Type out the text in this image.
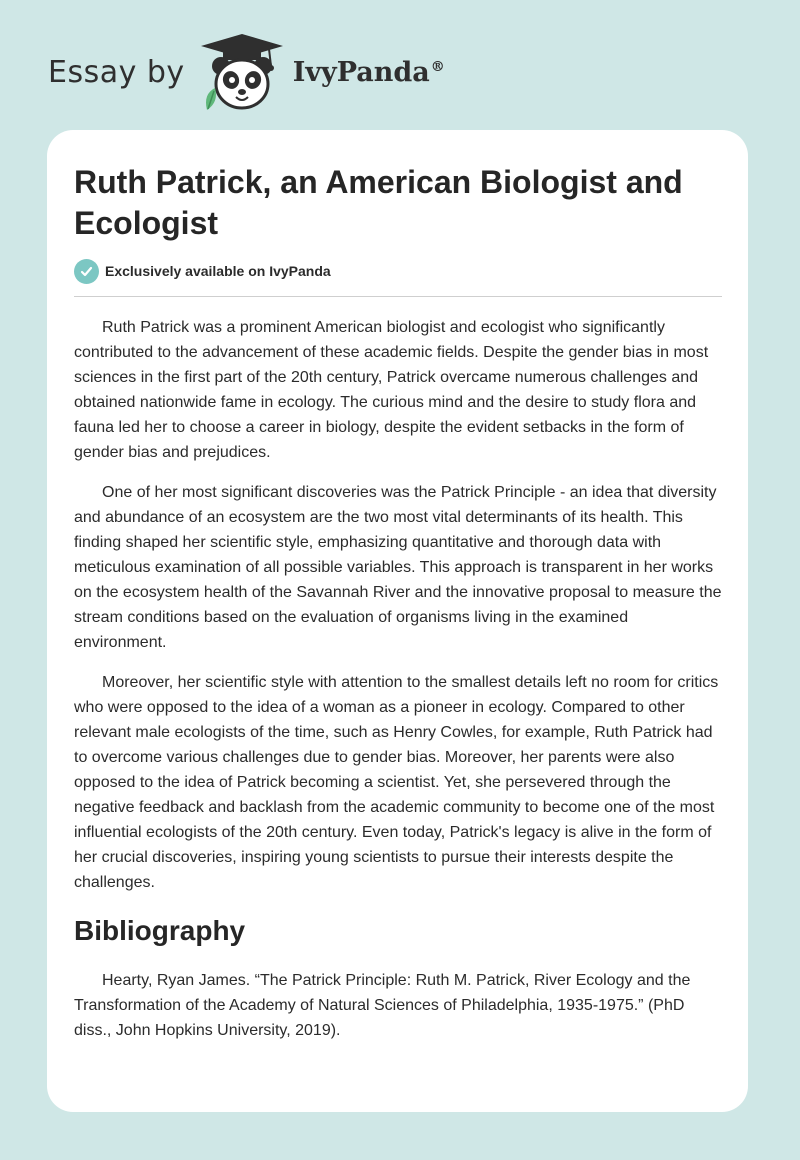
Essay by	IvyPanda®
Ruth Patrick, an American Biologist and Ecologist
Exclusively available on IvyPanda

Ruth Patrick was a prominent American biologist and ecologist who significantly contributed to the advancement of these academic fields. Despite the gender bias in most sciences in the first part of the 20th century, Patrick overcame numerous challenges and obtained nationwide fame in ecology. The curious mind and the desire to study flora and fauna led her to choose a career in biology, despite the evident setbacks in the form of gender bias and prejudices.

One of her most significant discoveries was the Patrick Principle - an idea that diversity and abundance of an ecosystem are the two most vital determinants of its health. This finding shaped her scientific style, emphasizing quantitative and thorough data with meticulous examination of all possible variables. This approach is transparent in her works on the ecosystem health of the Savannah River and the innovative proposal to measure the stream conditions based on the evaluation of organisms living in the examined environment.

Moreover, her scientific style with attention to the smallest details left no room for critics who were opposed to the idea of a woman as a pioneer in ecology. Compared to other relevant male ecologists of the time, such as Henry Cowles, for example, Ruth Patrick had to overcome various challenges due to gender bias. Moreover, her parents were also opposed to the idea of Patrick becoming a scientist. Yet, she persevered through the negative feedback and backlash from the academic community to become one of the most influential ecologists of the 20th century. Even today, Patrick's legacy is alive in the form of her crucial discoveries, inspiring young scientists to pursue their interests despite the challenges.

Bibliography

Hearty, Ryan James. “The Patrick Principle: Ruth M. Patrick, River Ecology and the Transformation of the Academy of Natural Sciences of Philadelphia, 1935-1975.” (PhD diss., John Hopkins University, 2019).
